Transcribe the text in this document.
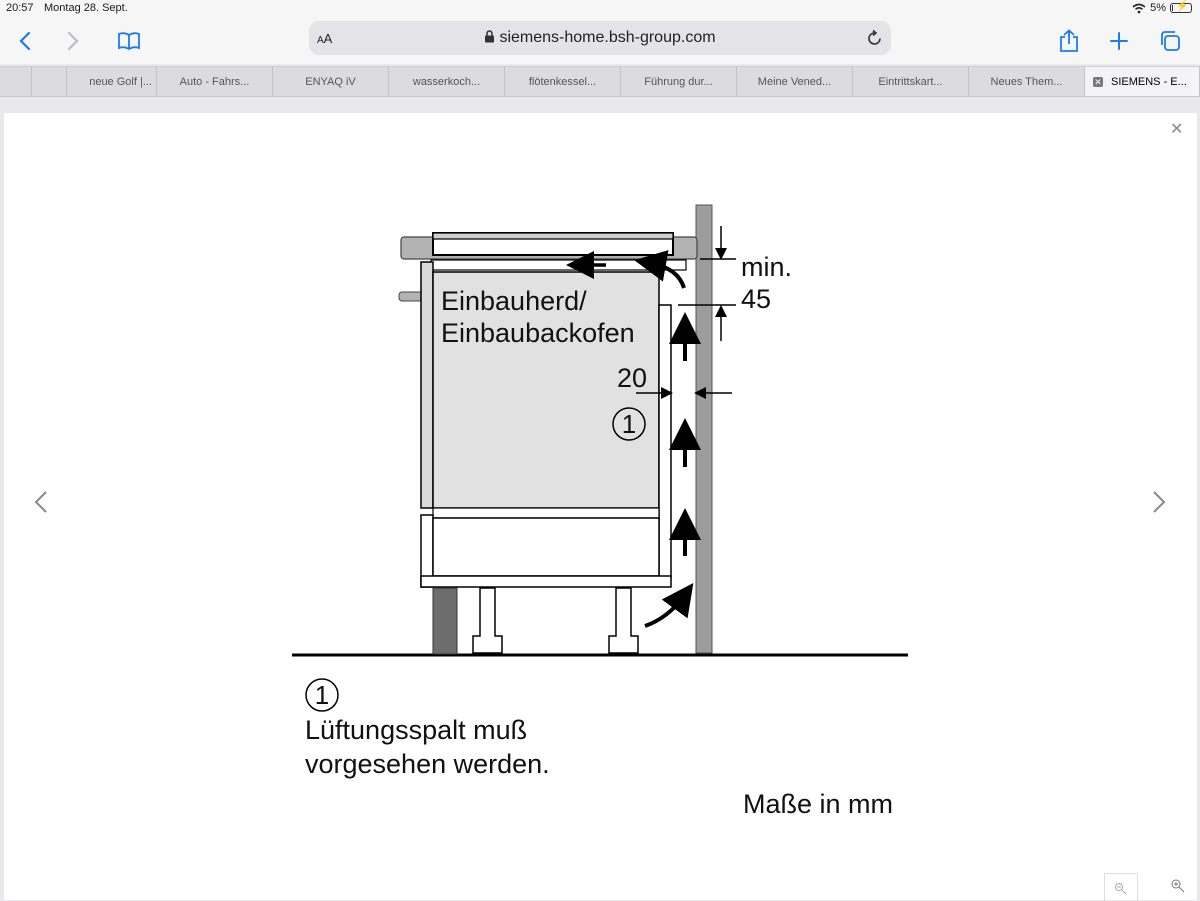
20:57 Montag 28. Sept.	5% ⚡
AA	siemens-home.bsh-group.com
neue Golf |...	Auto - Fahrs...	ENYAQ iV	wasserkoch...	flötenkessel...	Führung dur...	Meine Vened...	Eintrittskart...	Neues Them...	✕ SIEMENS - E...
✕
Einbauherd/
Einbaubackofen
min.
45
20
1
1
Lüftungsspalt muß
vorgesehen werden.
Maße in mm
